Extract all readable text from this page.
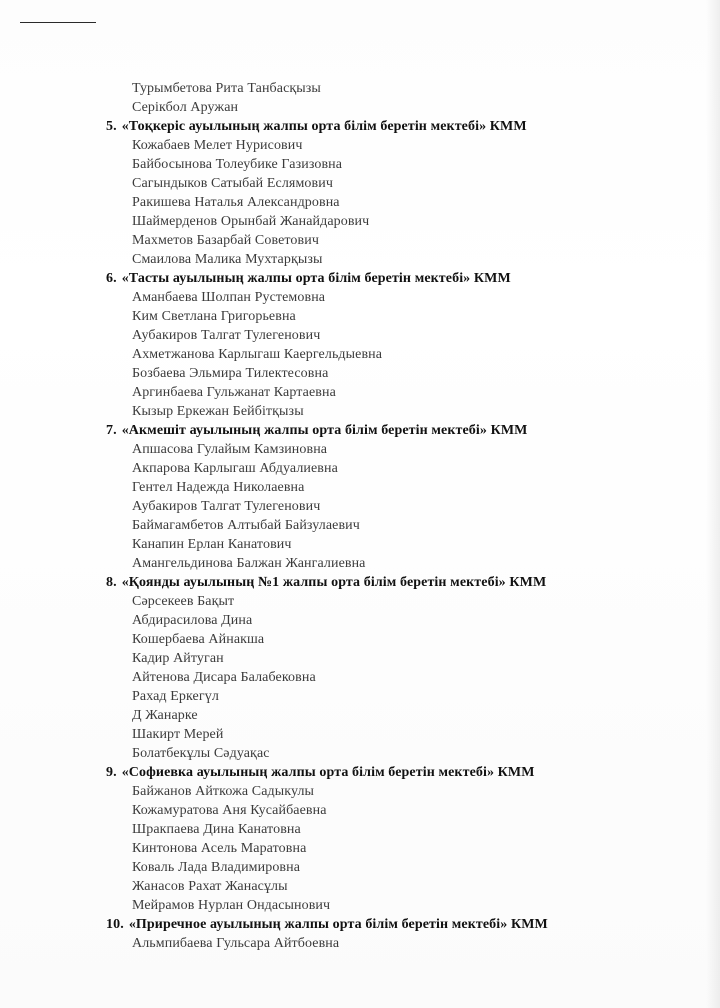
Турымбетова Рита Танбасқызы
Серікбол Аружан
5. «Тоқкеріс ауылының жалпы орта білім беретін мектебі» КММ
Кожабаев Мелет Нурисович
Байбосынова Толеубике Газизовна
Сагындыков Сатыбай Еслямович
Ракишева Наталья Александровна
Шаймерденов Орынбай Жанайдарович
Махметов Базарбай Советович
Смаилова Малика Мухтарқызы
6. «Тасты ауылының жалпы орта білім беретін мектебі» КММ
Аманбаева Шолпан Рустемовна
Ким Светлана Григорьевна
Аубакиров Талгат Тулегенович
Ахметжанова Карлыгаш Каергельдыевна
Бозбаева Эльмира Тилектесовна
Аргинбаева Гульжанат Картаевна
Кызыр Еркежан Бейбітқызы
7. «Акмешіт ауылының жалпы орта білім беретін мектебі» КММ
Апшасова Гулайым Камзиновна
Акпарова Карлыгаш Абдуалиевна
Гентел Надежда Николаевна
Аубакиров Талгат Тулегенович
Баймагамбетов Алтыбай Байзулаевич
Канапин Ерлан Канатович
Амангельдинова Балжан Жангалиевна
8. «Қоянды ауылының №1 жалпы орта білім беретін мектебі» КММ
Сәрсекеев Бақыт
Абдирасилова Дина
Кошербаева Айнакша
Кадир Айтуган
Айтенова Дисара Балабековна
Рахад Еркегүл
Д Жанарке
Шакирт Мерей
Болатбекұлы Сәдуақас
9. «Софиевка ауылының жалпы орта білім беретін мектебі» КММ
Байжанов Айткожа Садыкулы
Кожамуратова Аня Кусайбаевна
Шракпаева Дина Канатовна
Кинтонова Асель Маратовна
Коваль Лада Владимировна
Жанасов Рахат Жанасұлы
Мейрамов Нурлан Ондасынович
10. «Приречное ауылының жалпы орта білім беретін мектебі» КММ
Альмпибаева Гульсара Айтбоевна
